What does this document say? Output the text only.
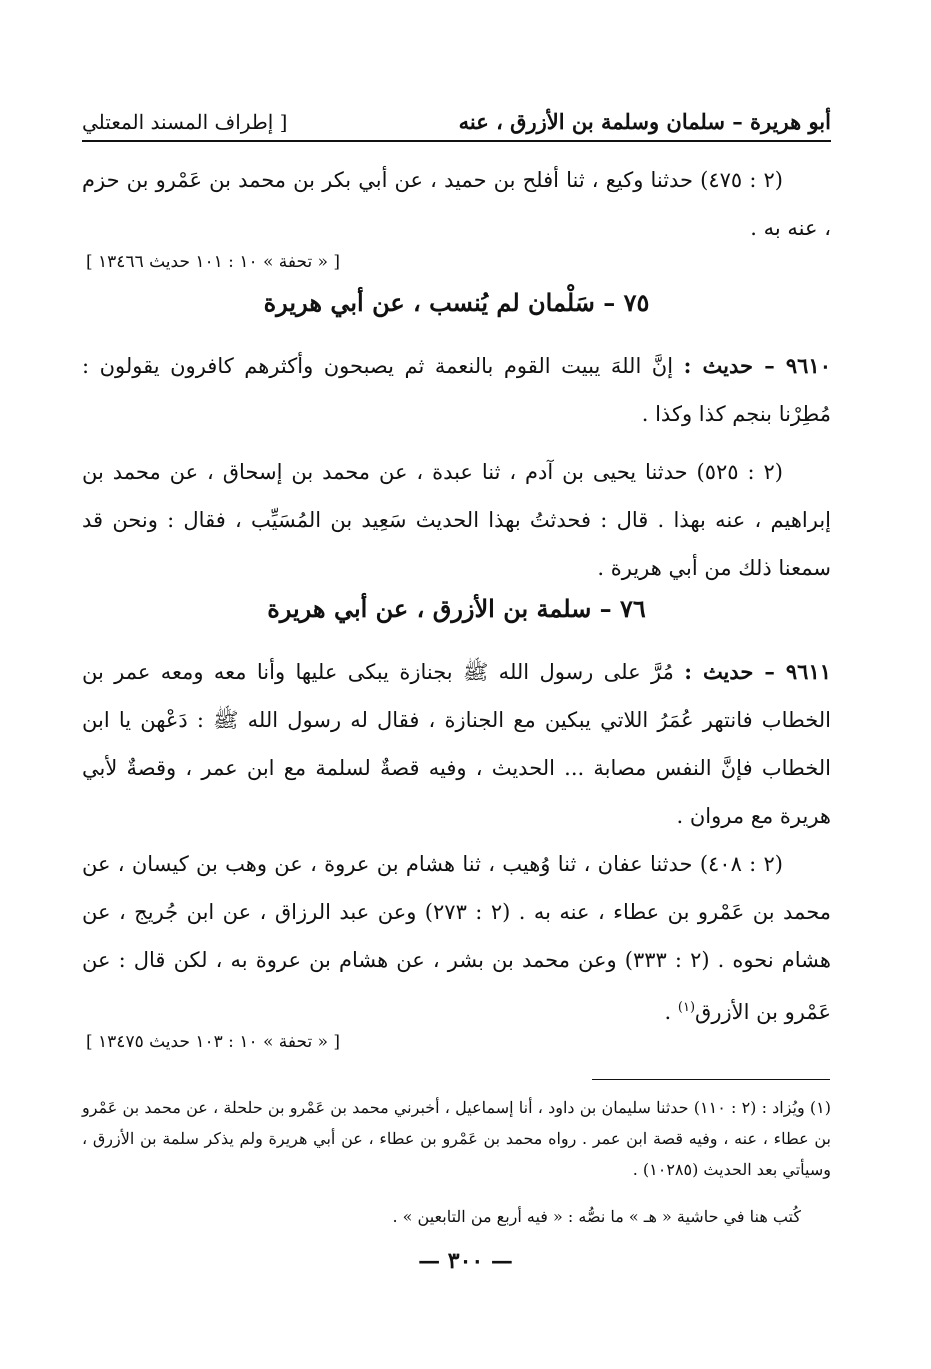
أبو هريرة – سلمان وسلمة بن الأزرق ، عنه
[ إطراف المسند المعتلي
(٢ : ٤٧٥) حدثنا وكيع ، ثنا أفلح بن حميد ، عن أبي بكر بن محمد بن عَمْرو بن حزم ، عنه به .
[ « تحفة » ١٠ : ١٠١ حديث ١٣٤٦٦ ]
٧٥ – سَلْمان لم يُنسب ، عن أبي هريرة
٩٦١٠ – حديث : إنَّ اللهَ يبيت القوم بالنعمة ثم يصبحون وأكثرهم كافرون يقولون : مُطِرْنا بنجم كذا وكذا .
(٢ : ٥٢٥) حدثنا يحيى بن آدم ، ثنا عبدة ، عن محمد بن إسحاق ، عن محمد بن إبراهيم ، عنه بهذا . قال : فحدثتُ بهذا الحديث سَعِيد بن المُسَيِّب ، فقال : ونحن قد سمعنا ذلك من أبي هريرة .
٧٦ – سلمة بن الأزرق ، عن أبي هريرة
٩٦١١ – حديث : مُرَّ على رسول الله ﷺ بجنازة يبكى عليها وأنا معه ومعه عمر بن الخطاب فانتهر عُمَرُ اللاتي يبكين مع الجنازة ، فقال له رسول الله ﷺ : دَعْهن يا ابن الخطاب فإنَّ النفس مصابة ... الحديث ، وفيه قصةٌ لسلمة مع ابن عمر ، وقصةٌ لأبي هريرة مع مروان .
(٢ : ٤٠٨) حدثنا عفان ، ثنا وُهيب ، ثنا هشام بن عروة ، عن وهب بن كيسان ، عن محمد بن عَمْرو بن عطاء ، عنه به . (٢ : ٢٧٣) وعن عبد الرزاق ، عن ابن جُريج ، عن هشام نحوه . (٢ : ٣٣٣) وعن محمد بن بشر ، عن هشام بن عروة به ، لكن قال : عن عَمْرو بن الأزرق$^{(١)}$ .
[ « تحفة » ١٠ : ١٠٣ حديث ١٣٤٧٥ ]
(١) ويُزاد : (٢ : ١١٠) حدثنا سليمان بن داود ، أنا إسماعيل ، أخبرني محمد بن عَمْرو بن حلحلة ، عن محمد بن عَمْرو بن عطاء ، عنه ، وفيه قصة ابن عمر . رواه محمد بن عَمْرو بن عطاء ، عن أبي هريرة ولم يذكر سلمة بن الأزرق ، وسيأتي بعد الحديث (١٠٢٨٥) .
كُتب هنا في حاشية « هـ » ما نصُّه : « فيه أربع من التابعين » .
— ٣٠٠ —
